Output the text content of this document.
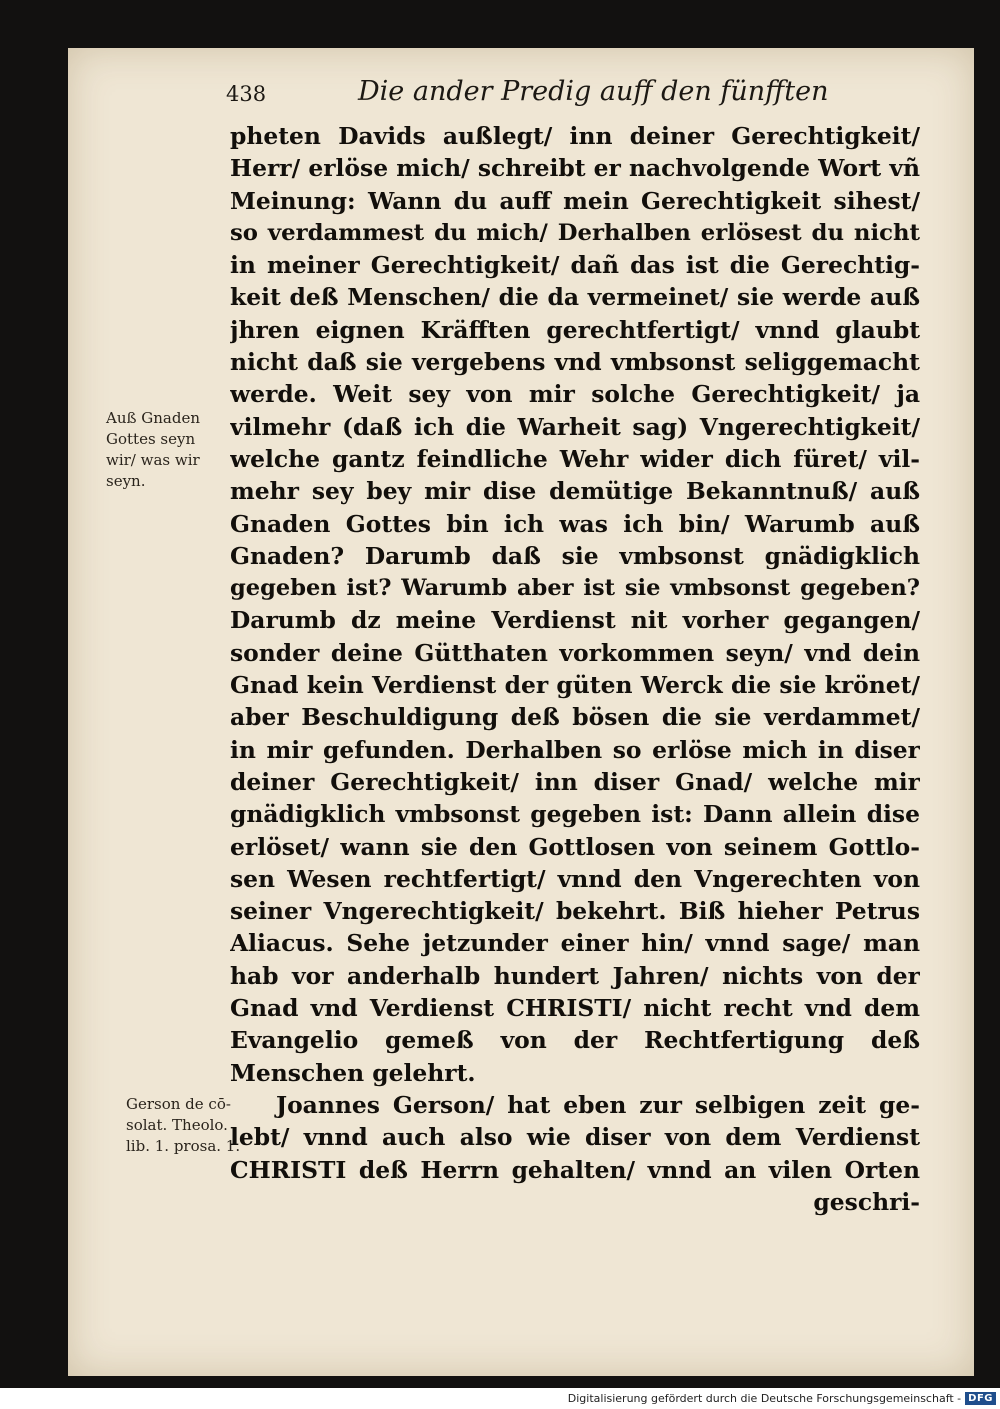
438	Die ander Predig auff den fünfften
Auß Gnaden
Gottes seyn
wir/ was wir
seyn.
Gerson de cō-
solat. Theolo.
lib. 1. prosa. 1.
pheten Davids außlegt/ inn deiner Gerechtigkeit/
Herr/ erlöse mich/ schreibt er nachvolgende Wort vñ
Meinung: Wann du auff mein Gerechtigkeit sihest/
so verdammest du mich/ Derhalben erlösest du nicht
in meiner Gerechtigkeit/ dañ das ist die Gerechtig-
keit deß Menschen/ die da vermeinet/ sie werde auß
jhren eignen Kräfften gerechtfertigt/ vnnd glaubt
nicht daß sie vergebens vnd vmbsonst seliggemacht
werde. Weit sey von mir solche Gerechtigkeit/ ja
vilmehr (daß ich die Warheit sag) Vngerechtigkeit/
welche gantz feindliche Wehr wider dich füret/ vil-
mehr sey bey mir dise demütige Bekanntnuß/ auß
Gnaden Gottes bin ich was ich bin/ Warumb auß
Gnaden? Darumb daß sie vmbsonst gnädigklich
gegeben ist? Warumb aber ist sie vmbsonst gegeben?
Darumb dz meine Verdienst nit vorher gegangen/
sonder deine Gütthaten vorkommen seyn/ vnd dein
Gnad kein Verdienst der güten Werck die sie krönet/
aber Beschuldigung deß bösen die sie verdammet/
in mir gefunden. Derhalben so erlöse mich in diser
deiner Gerechtigkeit/ inn diser Gnad/ welche mir
gnädigklich vmbsonst gegeben ist: Dann allein dise
erlöset/ wann sie den Gottlosen von seinem Gottlo-
sen Wesen rechtfertigt/ vnnd den Vngerechten von
seiner Vngerechtigkeit/ bekehrt. Biß hieher Petrus
Aliacus. Sehe jetzunder einer hin/ vnnd sage/ man
hab vor anderhalb hundert Jahren/ nichts von der
Gnad vnd Verdienst CHRISTI/ nicht recht vnd dem
Evangelio gemeß von der Rechtfertigung deß
Menschen gelehrt.
Joannes Gerson/ hat eben zur selbigen zeit ge-
lebt/ vnnd auch also wie diser von dem Verdienst
CHRISTI deß Herrn gehalten/ vnnd an vilen Orten
geschri-
Digitalisierung gefördert durch die Deutsche Forschungsgemeinschaft - DFG
